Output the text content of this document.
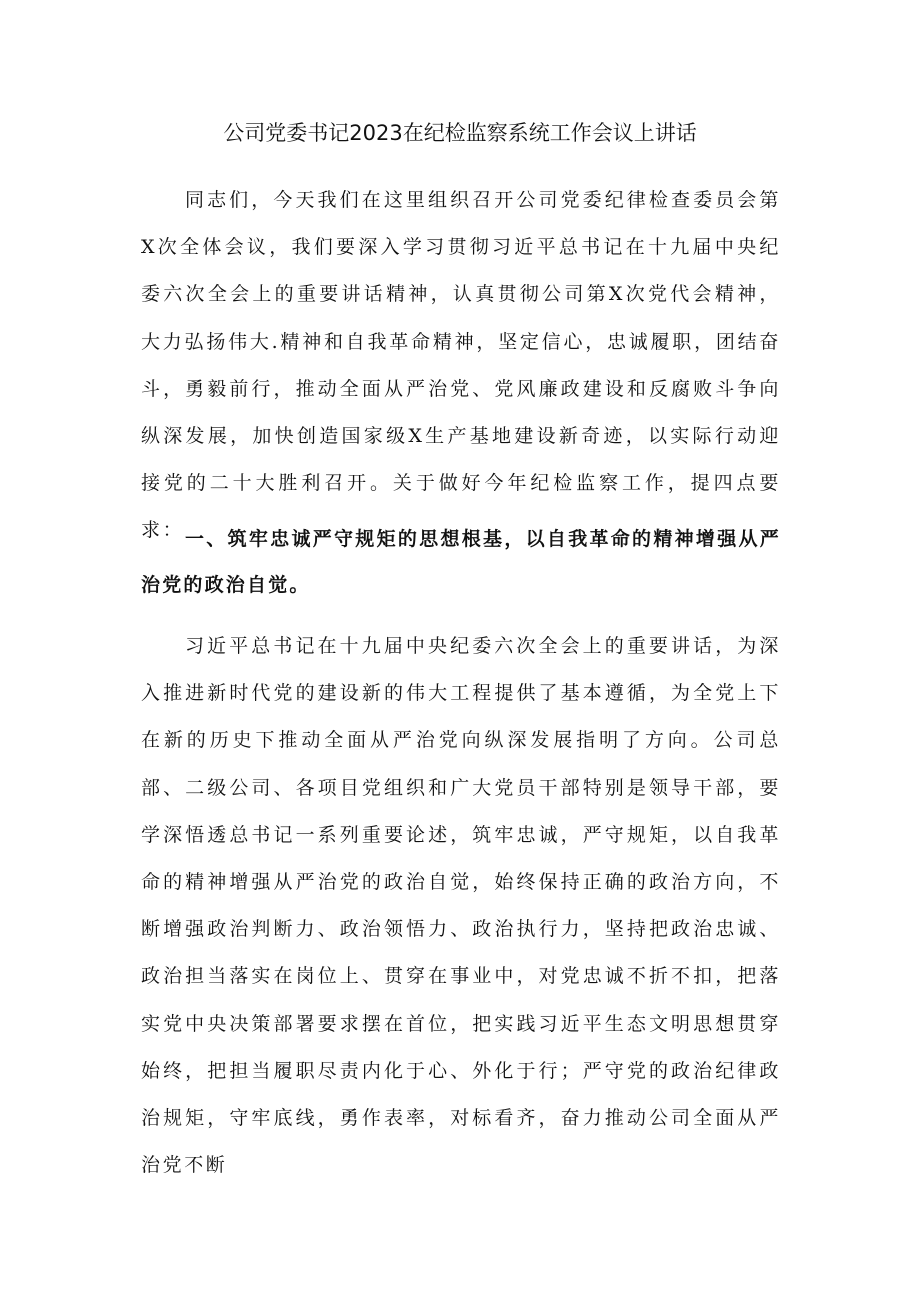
公司党委书记2023在纪检监察系统工作会议上讲话

同志们，今天我们在这里组织召开公司党委纪律检查委员会第X次全体会议，我们要深入学习贯彻习近平总书记在十九届中央纪委六次全会上的重要讲话精神，认真贯彻公司第X次党代会精神，大力弘扬伟大.精神和自我革命精神，坚定信心，忠诚履职，团结奋斗，勇毅前行，推动全面从严治党、党风廉政建设和反腐败斗争向纵深发展，加快创造国家级X生产基地建设新奇迹，以实际行动迎接党的二十大胜利召开。关于做好今年纪检监察工作，提四点要求： 一、筑牢忠诚严守规矩的思想根基，以自我革命的精神增强从严治党的政治自觉。

习近平总书记在十九届中央纪委六次全会上的重要讲话，为深入推进新时代党的建设新的伟大工程提供了基本遵循，为全党上下在新的历史下推动全面从严治党向纵深发展指明了方向。公司总部、二级公司、各项目党组织和广大党员干部特别是领导干部，要学深悟透总书记一系列重要论述，筑牢忠诚，严守规矩，以自我革命的精神增强从严治党的政治自觉，始终保持正确的政治方向，不断增强政治判断力、政治领悟力、政治执行力，坚持把政治忠诚、政治担当落实在岗位上、贯穿在事业中，对党忠诚不折不扣，把落实党中央决策部署要求摆在首位，把实践习近平生态文明思想贯穿始终，把担当履职尽责内化于心、外化于行；严守党的政治纪律政治规矩，守牢底线，勇作表率，对标看齐，奋力推动公司全面从严治党不断
